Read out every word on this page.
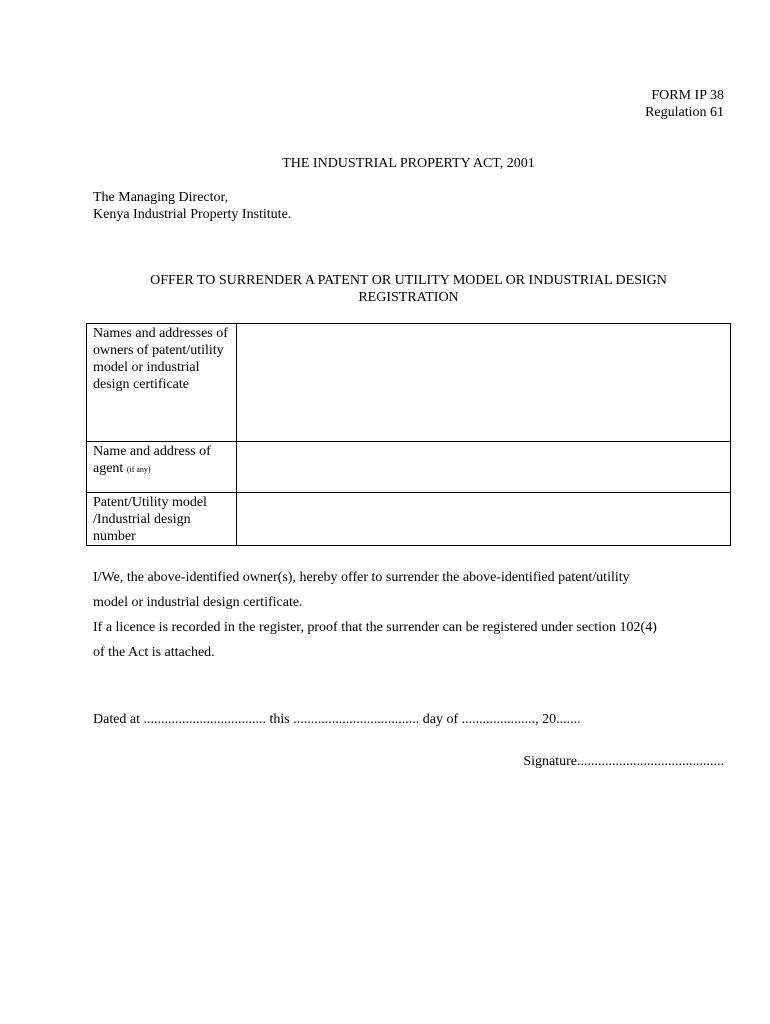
FORM IP 38
Regulation 61
THE INDUSTRIAL PROPERTY ACT, 2001
The Managing Director,
Kenya Industrial Property Institute.
OFFER TO SURRENDER A PATENT OR UTILITY MODEL OR INDUSTRIAL DESIGN
REGISTRATION
Names and addresses of owners of patent/utility model or industrial design certificate	
Name and address of agent (if any)	
Patent/Utility model /Industrial design number	
I/We, the above-identified owner(s), hereby offer to surrender the above-identified patent/utility
model or industrial design certificate.
If a licence is recorded in the register, proof that the surrender can be registered under section 102(4)
of the Act is attached.
Dated at ................................... this .................................... day of ....................., 20.......
Signature..........................................
